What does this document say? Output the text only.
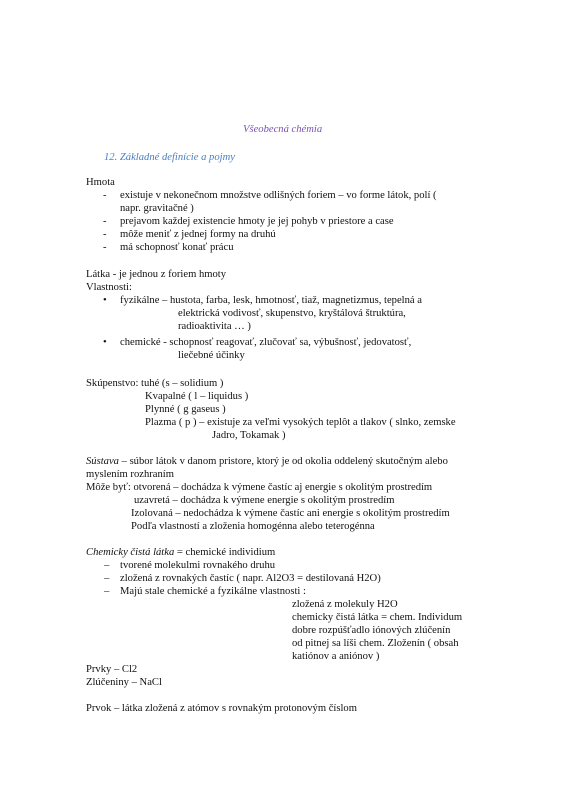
Všeobecná chémia
12. Základné definície a pojmy
Hmota
- existuje v nekonečnom množstve odlišných foriem – vo forme látok, polí (
napr. gravitačné )
- prejavom každej existencie hmoty je jej pohyb v priestore a case
- môže meniť z jednej formy na druhú
- má schopnosť konať prácu
Látka - je jednou z foriem hmoty
Vlastnosti:
• fyzikálne – hustota, farba, lesk, hmotnosť, tiaž, magnetizmus, tepelná a
elektrická vodivosť, skupenstvo, kryštálová štruktúra,
radioaktivita … )
• chemické - schopnosť reagovať, zlučovať sa, výbušnosť, jedovatosť,
liečebné účinky
Skúpenstvo: tuhé (s – solidium )
Kvapalné ( l – liquidus )
Plynné ( g gaseus )
Plazma ( p ) – existuje za veľmi vysokých teplôt a tlakov ( slnko, zemske
Jadro, Tokamak )
Sústava – súbor látok v danom pristore, ktorý je od okolia oddelený skutočným alebo
myslením rozhraním
Môže byť: otvorená – dochádza k výmene častíc aj energie s okolitým prostredím
uzavretá – dochádza k výmene energie s okolitým prostredím
Izolovaná – nedochádza k výmene častíc ani energie s okolitým prostredím
Podľa vlastností a zloženia homogénna alebo teterogénna
Chemicky čistá látka = chemické individium
– tvorené molekulmi rovnakého druhu
– zložená z rovnakých častíc ( napr. Al2O3 = destilovaná H2O)
– Majú stale chemické a fyzikálne vlastnosti :
zložená z molekuly H2O
chemicky čistá látka = chem. Individum
dobre rozpúšťadlo iónových zlúčenín
od pitnej sa líši chem. Zloženín ( obsah
katiónov a aniónov )
Prvky – Cl2
Zlúčeniny – NaCl
Prvok – látka zložená z atómov s rovnakým protonovým číslom
